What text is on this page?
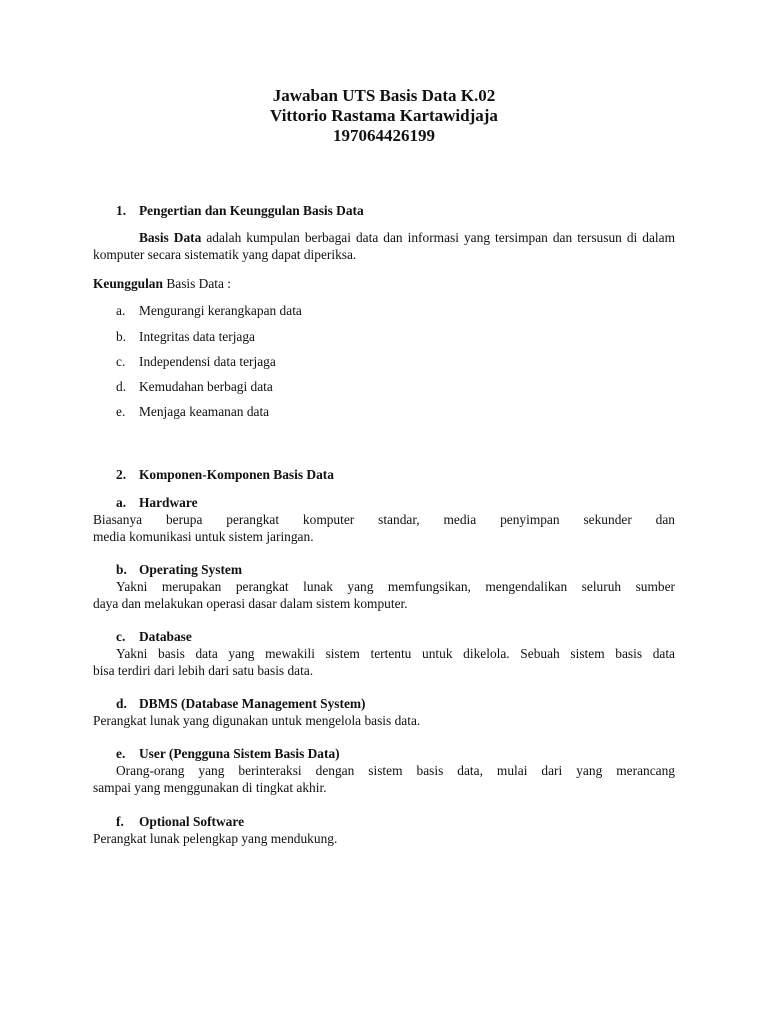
Jawaban UTS Basis Data K.02
Vittorio Rastama Kartawidjaja
197064426199
1. Pengertian dan Keunggulan Basis Data
Basis Data adalah kumpulan berbagai data dan informasi yang tersimpan dan tersusun di dalam komputer secara sistematik yang dapat diperiksa.
Keunggulan Basis Data :
a. Mengurangi kerangkapan data
b. Integritas data terjaga
c. Independensi data terjaga
d. Kemudahan berbagi data
e. Menjaga keamanan data
2. Komponen-Komponen Basis Data
a. Hardware
Biasanya berupa perangkat komputer standar, media penyimpan sekunder dan
media komunikasi untuk sistem jaringan.
b. Operating System
Yakni merupakan perangkat lunak yang memfungsikan, mengendalikan seluruh sumber
daya dan melakukan operasi dasar dalam sistem komputer.
c. Database
Yakni basis data yang mewakili sistem tertentu untuk dikelola. Sebuah sistem basis data
bisa terdiri dari lebih dari satu basis data.
d. DBMS (Database Management System)
Perangkat lunak yang digunakan untuk mengelola basis data.
e. User (Pengguna Sistem Basis Data)
Orang-orang yang berinteraksi dengan sistem basis data, mulai dari yang merancang
sampai yang menggunakan di tingkat akhir.
f. Optional Software
Perangkat lunak pelengkap yang mendukung.
